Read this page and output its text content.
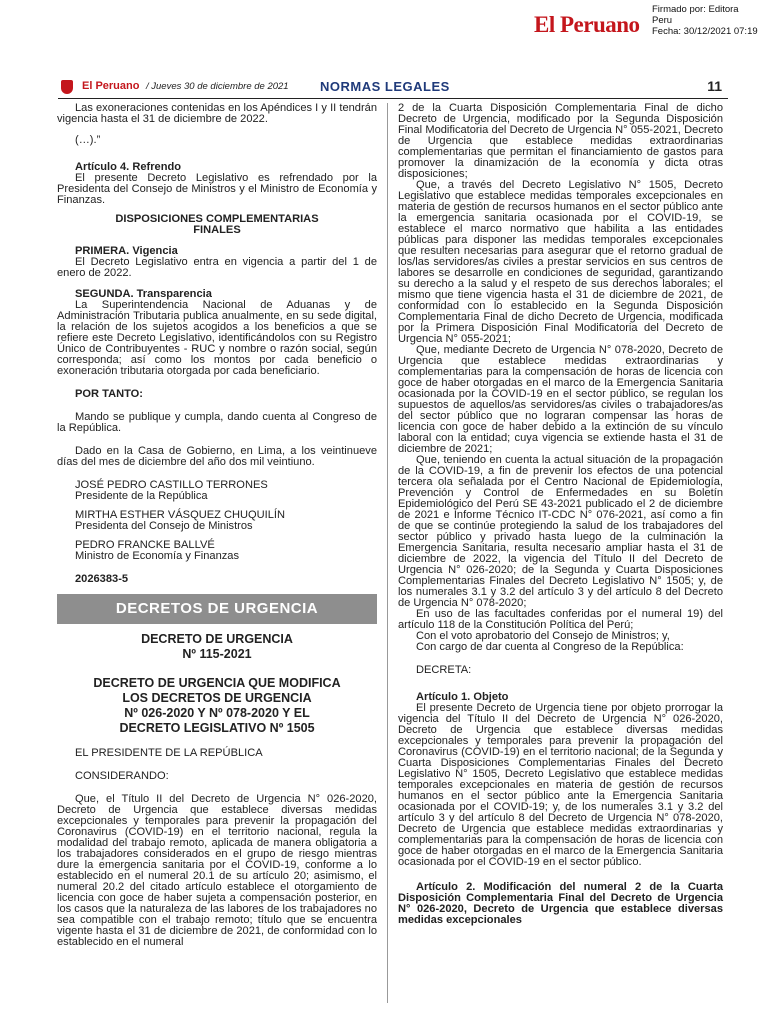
El Peruano
Firmado por: Editora
Peru
Fecha: 30/12/2021 07:19
El Peruano / Jueves 30 de diciembre de 2021 NORMAS LEGALES	11

Las exoneraciones contenidas en los Apéndices I y II tendrán vigencia hasta el 31 de diciembre de 2022.

(…).”

Artículo 4. Refrendo

El presente Decreto Legislativo es refrendado por la Presidenta del Consejo de Ministros y el Ministro de Economía y Finanzas.

DISPOSICIONES COMPLEMENTARIAS FINALES

PRIMERA. Vigencia

El Decreto Legislativo entra en vigencia a partir del 1 de enero de 2022.

SEGUNDA. Transparencia

La Superintendencia Nacional de Aduanas y de Administración Tributaria publica anualmente, en su sede digital, la relación de los sujetos acogidos a los beneficios a que se refiere este Decreto Legislativo, identificándolos con su Registro Único de Contribuyentes - RUC y nombre o razón social, según corresponda; así como los montos por cada beneficio o exoneración tributaria otorgada por cada beneficiario.

POR TANTO:

Mando se publique y cumpla, dando cuenta al Congreso de la República.

Dado en la Casa de Gobierno, en Lima, a los veintinueve días del mes de diciembre del año dos mil veintiuno.

JOSÉ PEDRO CASTILLO TERRONES

Presidente de la República

MIRTHA ESTHER VÁSQUEZ CHUQUILÍN

Presidenta del Consejo de Ministros

PEDRO FRANCKE BALLVÉ

Ministro de Economía y Finanzas

2026383-5

DECRETOS DE URGENCIA
DECRETO DE URGENCIA
Nº 115-2021
DECRETO DE URGENCIA QUE MODIFICA
LOS DECRETOS DE URGENCIA
Nº 026-2020 Y Nº 078-2020 Y EL
DECRETO LEGISLATIVO Nº 1505

EL PRESIDENTE DE LA REPÚBLICA

CONSIDERANDO:

Que, el Título II del Decreto de Urgencia N° 026-2020, Decreto de Urgencia que establece diversas medidas excepcionales y temporales para prevenir la propagación del Coronavirus (COVID-19) en el territorio nacional, regula la modalidad del trabajo remoto, aplicada de manera obligatoria a los trabajadores considerados en el grupo de riesgo mientras dure la emergencia sanitaria por el COVID-19, conforme a lo establecido en el numeral 20.1 de su artículo 20; asimismo, el numeral 20.2 del citado artículo establece el otorgamiento de licencia con goce de haber sujeta a compensación posterior, en los casos que la naturaleza de las labores de los trabajadores no sea compatible con el trabajo remoto; título que se encuentra vigente hasta el 31 de diciembre de 2021, de conformidad con lo establecido en el numeral

2 de la Cuarta Disposición Complementaria Final de dicho Decreto de Urgencia, modificado por la Segunda Disposición Final Modificatoria del Decreto de Urgencia N° 055-2021, Decreto de Urgencia que establece medidas extraordinarias complementarias que permitan el financiamiento de gastos para promover la dinamización de la economía y dicta otras disposiciones;

Que, a través del Decreto Legislativo N° 1505, Decreto Legislativo que establece medidas temporales excepcionales en materia de gestión de recursos humanos en el sector público ante la emergencia sanitaria ocasionada por el COVID-19, se establece el marco normativo que habilita a las entidades públicas para disponer las medidas temporales excepcionales que resulten necesarias para asegurar que el retorno gradual de los/las servidores/as civiles a prestar servicios en sus centros de labores se desarrolle en condiciones de seguridad, garantizando su derecho a la salud y el respeto de sus derechos laborales; el mismo que tiene vigencia hasta el 31 de diciembre de 2021, de conformidad con lo establecido en la Segunda Disposición Complementaria Final de dicho Decreto de Urgencia, modificada por la Primera Disposición Final Modificatoria del Decreto de Urgencia N° 055-2021;

Que, mediante Decreto de Urgencia N° 078-2020, Decreto de Urgencia que establece medidas extraordinarias y complementarias para la compensación de horas de licencia con goce de haber otorgadas en el marco de la Emergencia Sanitaria ocasionada por la COVID-19 en el sector público, se regulan los supuestos de aquellos/as servidores/as civiles o trabajadores/as del sector público que no lograran compensar las horas de licencia con goce de haber debido a la extinción de su vínculo laboral con la entidad; cuya vigencia se extiende hasta el 31 de diciembre de 2021;

Que, teniendo en cuenta la actual situación de la propagación de la COVID-19, a fin de prevenir los efectos de una potencial tercera ola señalada por el Centro Nacional de Epidemiología, Prevención y Control de Enfermedades en su Boletín Epidemiológico del Perú SE 43-2021 publicado el 2 de diciembre de 2021 e Informe Técnico IT-CDC N° 076-2021, así como a fin de que se continúe protegiendo la salud de los trabajadores del sector público y privado hasta luego de la culminación la Emergencia Sanitaria, resulta necesario ampliar hasta el 31 de diciembre de 2022, la vigencia del Título II del Decreto de Urgencia N° 026-2020; de la Segunda y Cuarta Disposiciones Complementarias Finales del Decreto Legislativo N° 1505; y, de los numerales 3.1 y 3.2 del artículo 3 y del artículo 8 del Decreto de Urgencia N° 078-2020;

En uso de las facultades conferidas por el numeral 19) del artículo 118 de la Constitución Política del Perú;

Con el voto aprobatorio del Consejo de Ministros; y,

Con cargo de dar cuenta al Congreso de la República:

DECRETA:

Artículo 1. Objeto

El presente Decreto de Urgencia tiene por objeto prorrogar la vigencia del Título II del Decreto de Urgencia N° 026-2020, Decreto de Urgencia que establece diversas medidas excepcionales y temporales para prevenir la propagación del Coronavirus (COVID-19) en el territorio nacional; de la Segunda y Cuarta Disposiciones Complementarias Finales del Decreto Legislativo N° 1505, Decreto Legislativo que establece medidas temporales excepcionales en materia de gestión de recursos humanos en el sector público ante la Emergencia Sanitaria ocasionada por el COVID-19; y, de los numerales 3.1 y 3.2 del artículo 3 y del artículo 8 del Decreto de Urgencia N° 078-2020, Decreto de Urgencia que establece medidas extraordinarias y complementarias para la compensación de horas de licencia con goce de haber otorgadas en el marco de la Emergencia Sanitaria ocasionada por el COVID-19 en el sector público.

Artículo 2. Modificación del numeral 2 de la Cuarta Disposición Complementaria Final del Decreto de Urgencia N° 026-2020, Decreto de Urgencia que establece diversas medidas excepcionales
